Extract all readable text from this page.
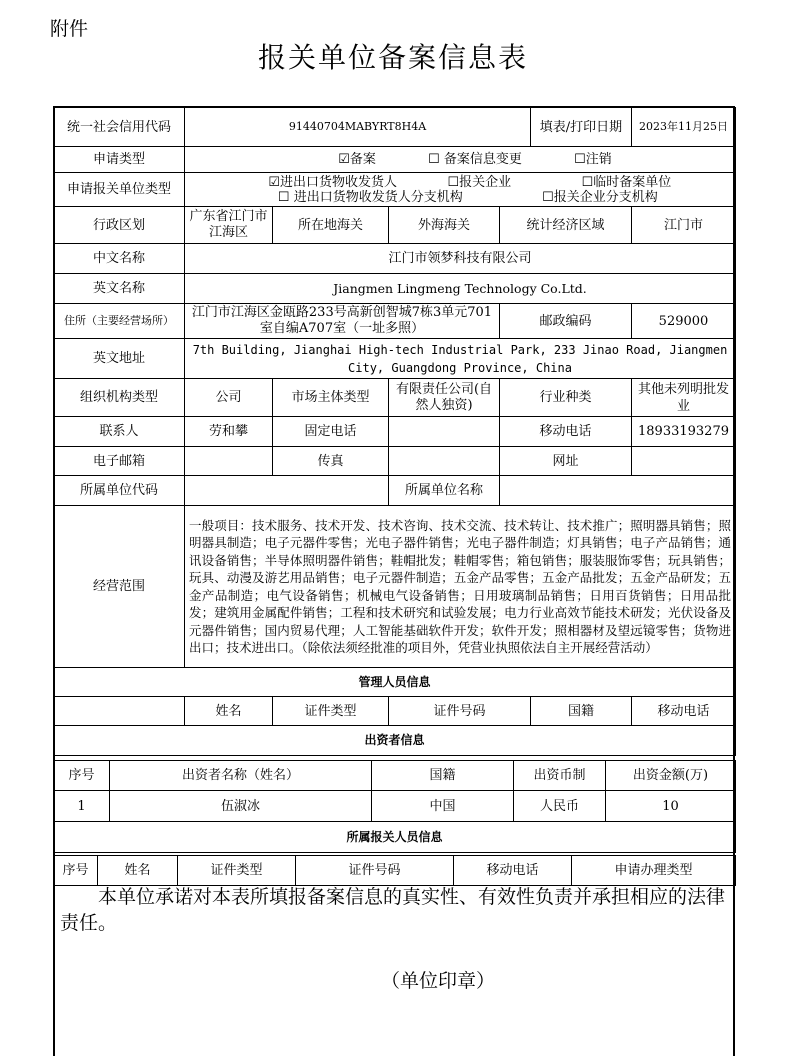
附件
报关单位备案信息表
统一社会信用代码	91440704MABYRT8H4A				填表/打印日期	2023年11月25日
申请类型	☑备案 ☐ 备案信息变更 ☐注销					
申请报关单位类型	☑进出口货物收发货人 ☐报关企业 ☐临时备案单位
☐ 进出口货物收发货人分支机构 ☐报关企业分支机构					

行政区划	广东省江门市江海区	所在地海关	外海海关	统计经济区域		江门市
中文名称	江门市领梦科技有限公司					
英文名称	Jiangmen Lingmeng Technology Co.Ltd.					
住所（主要经营场所）	江门市江海区金瓯路233号高新创智城7栋3单元701室自编A707室（一址多照）			邮政编码		529000
英文地址	7th Building, Jianghai High-tech Industrial Park, 233 Jinao Road, Jiangmen City, Guangdong Province, China					
组织机构类型	公司	市场主体类型	有限责任公司(自然人独资)	行业种类		其他未列明批发业
联系人	劳和攀	固定电话		移动电话		18933193279
电子邮箱		传真		网址		
所属单位代码			所属单位名称			
经营范围	一般项目：技术服务、技术开发、技术咨询、技术交流、技术转让、技术推广；照明器具销售；照明器具制造；电子元器件零售；光电子器件销售；光电子器件制造；灯具销售；电子产品销售；通讯设备销售；半导体照明器件销售；鞋帽批发；鞋帽零售；箱包销售；服装服饰零售；玩具销售；玩具、动漫及游艺用品销售；电子元器件制造；五金产品零售；五金产品批发；五金产品研发；五金产品制造；电气设备销售；机械电气设备销售；日用玻璃制品销售；日用百货销售；日用品批发；建筑用金属配件销售；工程和技术研究和试验发展；电力行业高效节能技术研发；光伏设备及元器件销售；国内贸易代理；人工智能基础软件开发；软件开发；照相器材及望远镜零售；货物进出口；技术进出口。（除依法须经批准的项目外，凭营业执照依法自主开展经营活动）					
管理人员信息						
	姓名	证件类型	证件号码		国籍	移动电话
出资者信息						
序号	出资者名称（姓名）	国籍	出资币制	出资金额(万)
1	伍淑冰	中国	人民币	10
所属报关人员信息				
序号	姓名	证件类型	证件号码	移动电话	申请办理类型
本单位承诺对本表所填报备案信息的真实性、有效性负责并承担相应的法律责任。
（单位印章）
